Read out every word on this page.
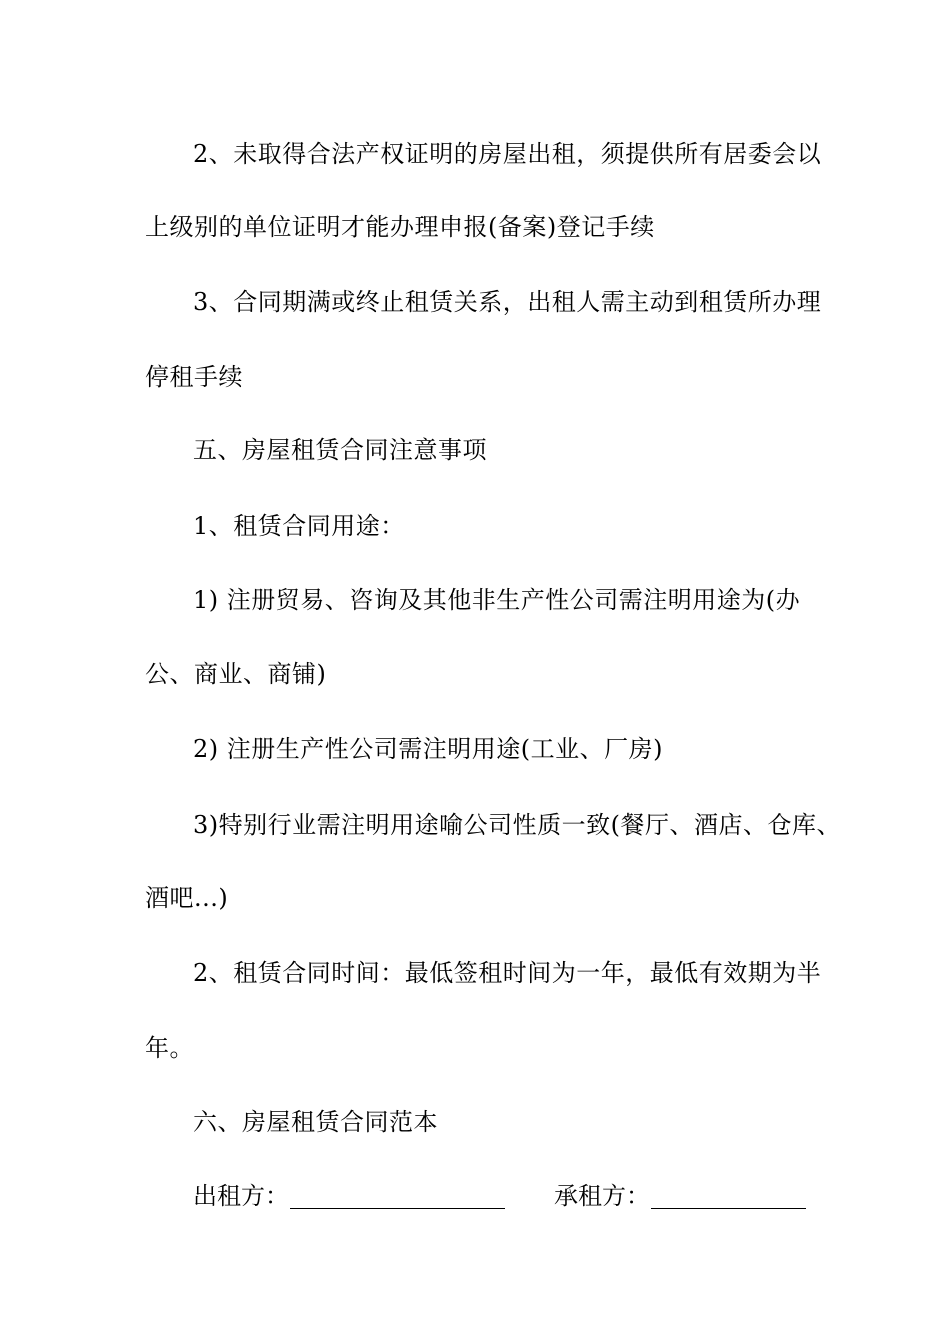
2、未取得合法产权证明的房屋出租，须提供所有居委会以
上级别的单位证明才能办理申报(备案)登记手续
3、合同期满或终止租赁关系，出租人需主动到租赁所办理
停租手续
五、房屋租赁合同注意事项
1、租赁合同用途：
1) 注册贸易、咨询及其他非生产性公司需注明用途为(办
公、商业、商铺)
2) 注册生产性公司需注明用途(工业、厂房)
3)特别行业需注明用途喻公司性质一致(餐厅、酒店、仓库、
酒吧...)
2、租赁合同时间：最低签租时间为一年，最低有效期为半
年。
六、房屋租赁合同范本
出租方：	承租方：
